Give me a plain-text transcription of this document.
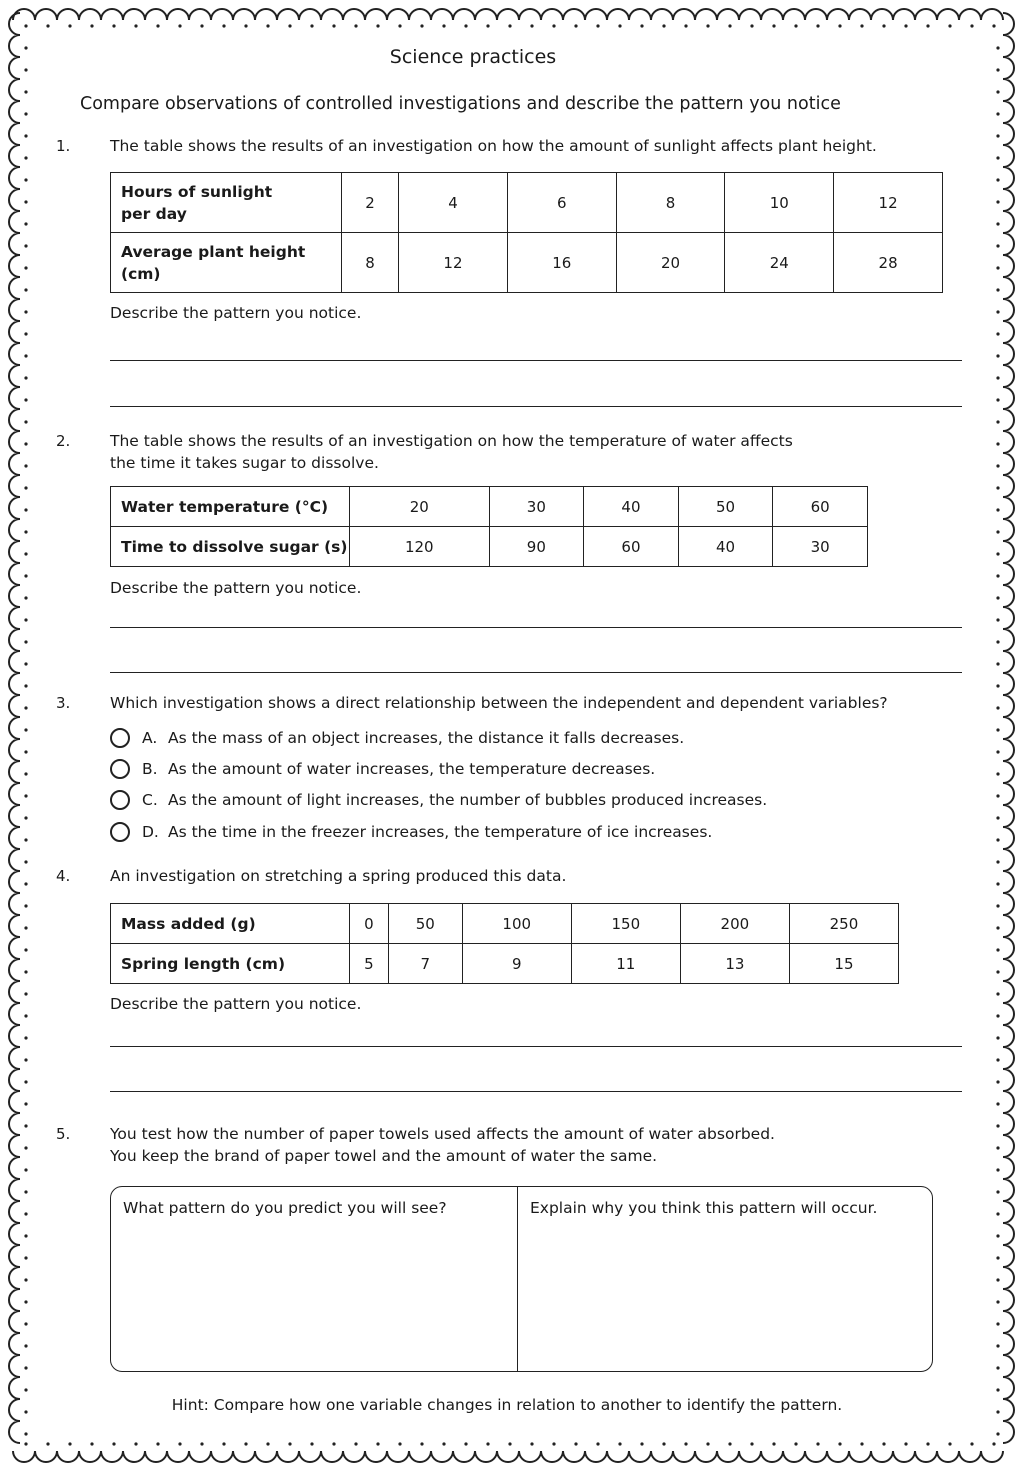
Science practices
Compare observations of controlled investigations and describe the pattern you notice
1.	The table shows the results of an investigation on how the amount of sunlight affects plant height.
Hours of sunlight
per day	2	4	6	8	10	12

Average plant height
(cm)	8	12	16	20	24	28
Describe the pattern you notice.
2.	The table shows the results of an investigation on how the temperature of water affects
the time it takes sugar to dissolve.
Water temperature (°C)	20	30	40	50	60
Time to dissolve sugar (s)	120	90	60	40	30
Describe the pattern you notice.
3.	Which investigation shows a direct relationship between the independent and dependent variables?
A. As the mass of an object increases, the distance it falls decreases.
B. As the amount of water increases, the temperature decreases.
C. As the amount of light increases, the number of bubbles produced increases.
D. As the time in the freezer increases, the temperature of ice increases.
4.	An investigation on stretching a spring produced this data.
Mass added (g)	0	50	100	150	200	250
Spring length (cm)	5	7	9	11	13	15
Describe the pattern you notice.
5.	You test how the number of paper towels used affects the amount of water absorbed.
You keep the brand of paper towel and the amount of water the same.
What pattern do you predict you will see?	Explain why you think this pattern will occur.
Hint: Compare how one variable changes in relation to another to identify the pattern.
